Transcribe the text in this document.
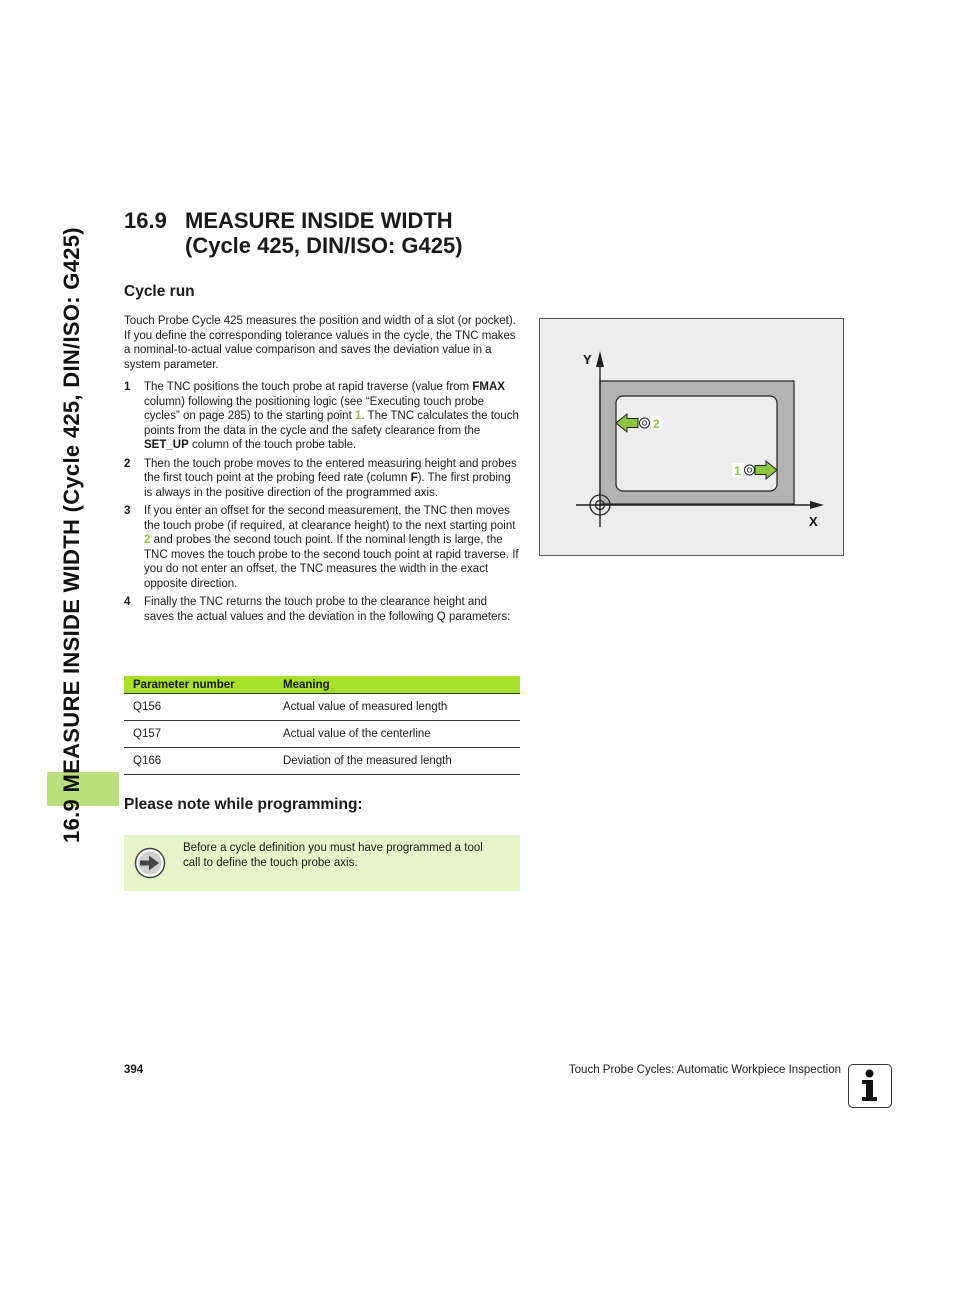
16.9 MEASURE INSIDE WIDTH (Cycle 425, DIN/ISO: G425)
16.9 MEASURE INSIDE WIDTH
(Cycle 425, DIN/ISO: G425)
Cycle run

Touch Probe Cycle 425 measures the position and width of a slot (or pocket). If you define the corresponding tolerance values in the cycle, the TNC makes a nominal-to-actual value comparison and saves the deviation value in a system parameter.

1 The TNC positions the touch probe at rapid traverse (value from FMAX column) following the positioning logic (see “Executing touch probe cycles” on page 285) to the starting point 1. The TNC calculates the touch points from the data in the cycle and the safety clearance from the SET_UP column of the touch probe table.
2 Then the touch probe moves to the entered measuring height and probes the first touch point at the probing feed rate (column F). The first probing is always in the positive direction of the programmed axis.
3 If you enter an offset for the second measurement, the TNC then moves the touch probe (if required, at clearance height) to the next starting point 2 and probes the second touch point. If the nominal length is large, the TNC moves the touch probe to the second touch point at rapid traverse. If you do not enter an offset, the TNC measures the width in the exact opposite direction.
4 Finally the TNC returns the touch probe to the clearance height and saves the actual values and the deviation in the following Q parameters:
Parameter number	Meaning
Q156	Actual value of measured length
Q157	Actual value of the centerline
Q166	Deviation of the measured length
Please note while programming:
Before a cycle definition you must have programmed a tool call to define the touch probe axis.
2
1
Y
X
394	Touch Probe Cycles: Automatic Workpiece Inspection
